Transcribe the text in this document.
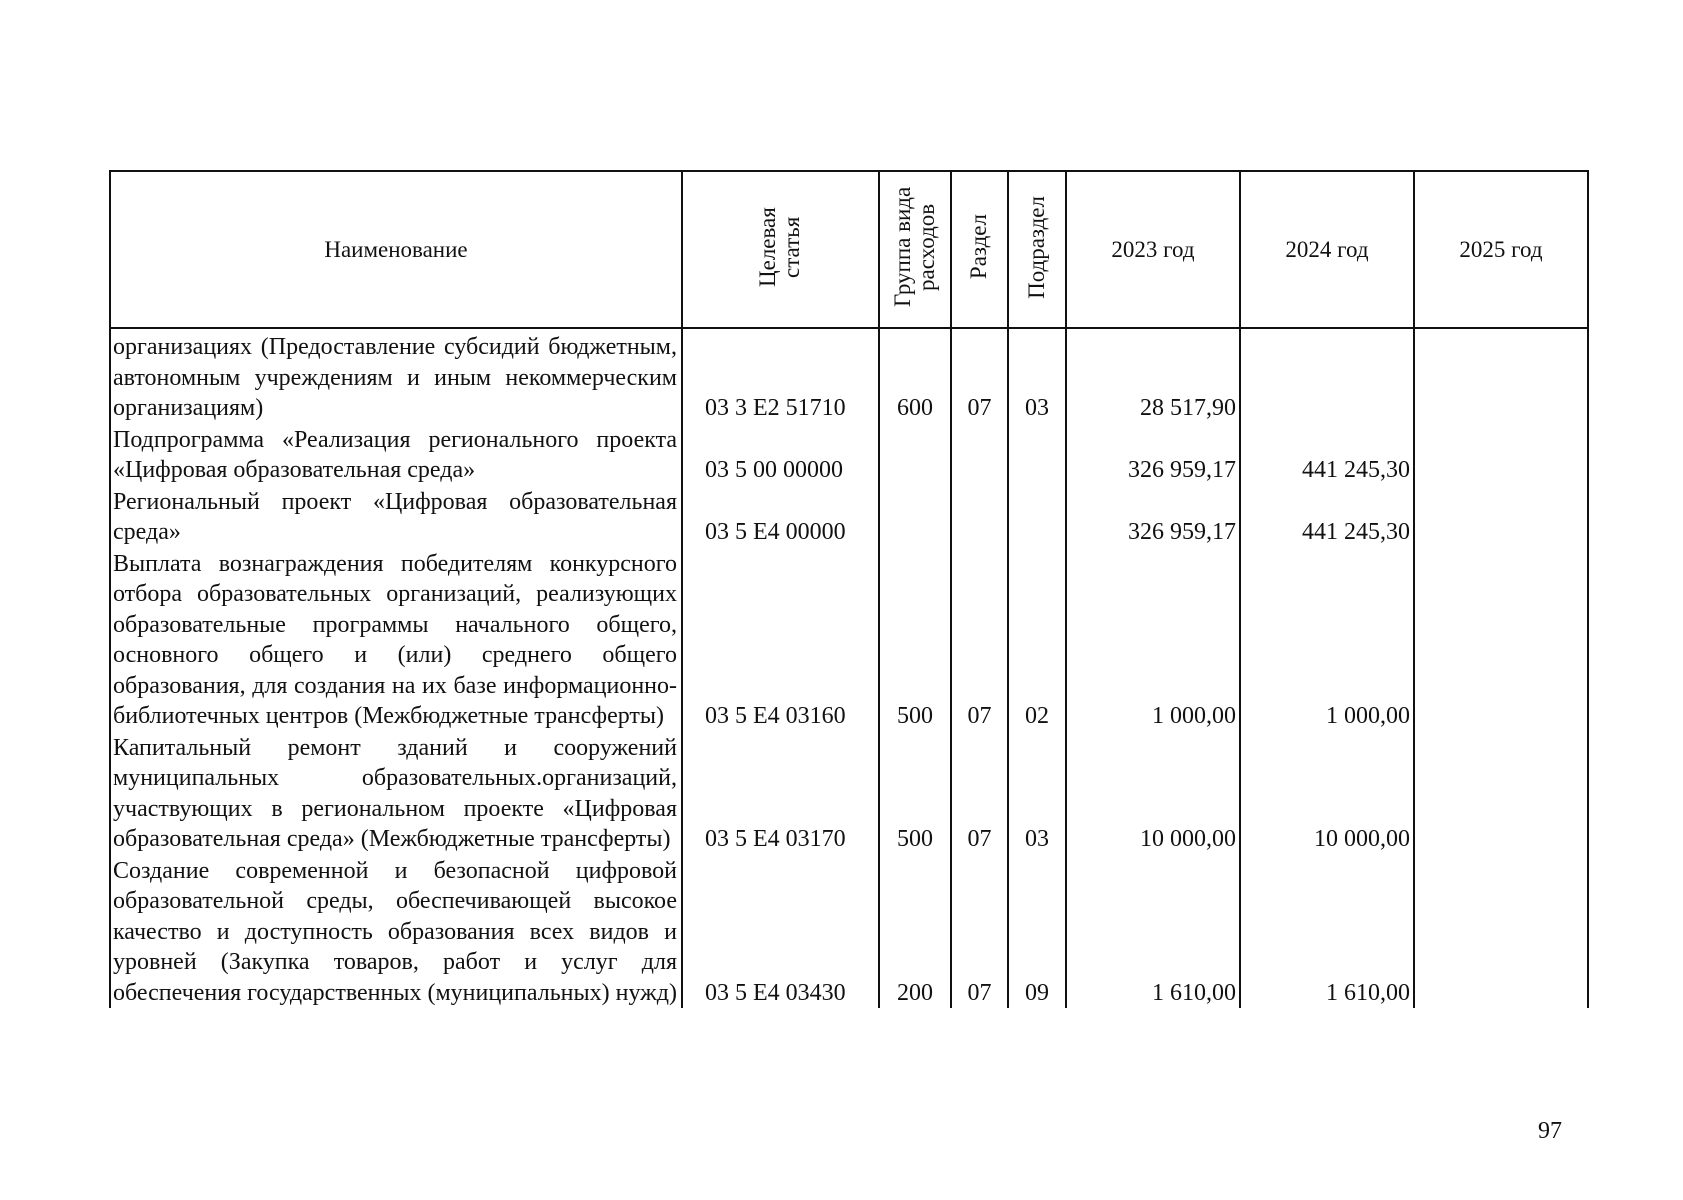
Наименование	Целевая статья	Группа вида расходов	Раздел	Подраздел	2023 год	2024 год	2025 год
организациях (Предоставление субсидий бюджетным, автономным учреждениям и иным некоммерческим организациям)	03 3 Е2 51710	600	07	03	28 517,90		
Подпрограмма «Реализация регионального проекта «Цифровая образовательная среда»	03 5 00 00000				326 959,17	441 245,30	
Региональный проект «Цифровая образовательная среда»	03 5 Е4 00000				326 959,17	441 245,30	
Выплата вознаграждения победителям конкурсного отбора образовательных организаций, реализующих образовательные программы начального общего, основного общего и (или) среднего общего образования, для создания на их базе информационно-библиотечных центров (Межбюджетные трансферты)	03 5 Е4 03160	500	07	02	1 000,00	1 000,00	
Капитальный ремонт зданий и сооружений муниципальных образовательных.организаций, участвующих в региональном проекте «Цифровая образовательная среда» (Межбюджетные трансферты)	03 5 Е4 03170	500	07	03	10 000,00	10 000,00	
Создание современной и безопасной цифровой образовательной среды, обеспечивающей высокое качество и доступность образования всех видов и уровней (Закупка товаров, работ и услуг для обеспечения государственных (муниципальных) нужд)	03 5 Е4 03430	200	07	09	1 610,00	1 610,00	
97
